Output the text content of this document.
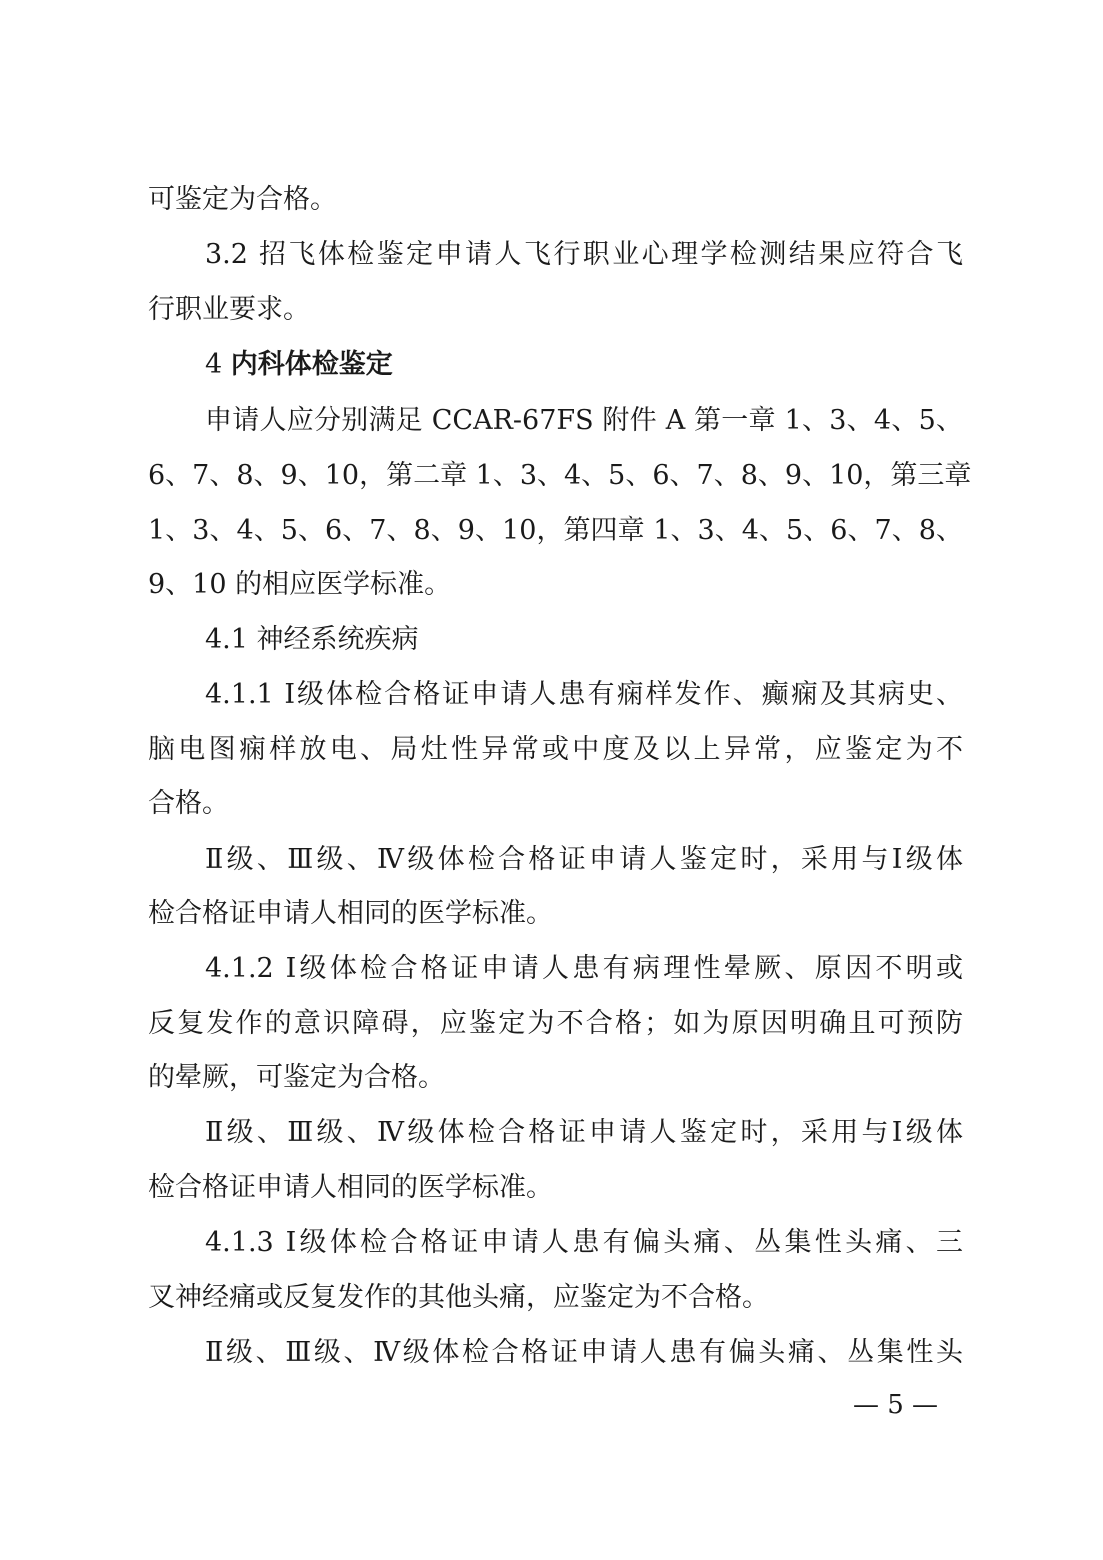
可鉴定为合格。
3.2 招飞体检鉴定申请人飞行职业心理学检测结果应符合飞
行职业要求。
4 内科体检鉴定
申请人应分别满足 CCAR-67FS 附件 A 第一章 1、3、4、5、
6、7、8、9、10，第二章 1、3、4、5、6、7、8、9、10，第三章
1、3、4、5、6、7、8、9、10，第四章 1、3、4、5、6、7、8、
9、10 的相应医学标准。
4.1 神经系统疾病
4.1.1 Ⅰ级体检合格证申请人患有痫样发作、癫痫及其病史、
脑电图痫样放电、局灶性异常或中度及以上异常，应鉴定为不
合格。
Ⅱ级、Ⅲ级、Ⅳ级体检合格证申请人鉴定时，采用与Ⅰ级体
检合格证申请人相同的医学标准。
4.1.2 Ⅰ级体检合格证申请人患有病理性晕厥、原因不明或
反复发作的意识障碍，应鉴定为不合格；如为原因明确且可预防
的晕厥，可鉴定为合格。
Ⅱ级、Ⅲ级、Ⅳ级体检合格证申请人鉴定时，采用与Ⅰ级体
检合格证申请人相同的医学标准。
4.1.3 Ⅰ级体检合格证申请人患有偏头痛、丛集性头痛、三
叉神经痛或反复发作的其他头痛，应鉴定为不合格。
Ⅱ级、Ⅲ级、Ⅳ级体检合格证申请人患有偏头痛、丛集性头
— 5 —
